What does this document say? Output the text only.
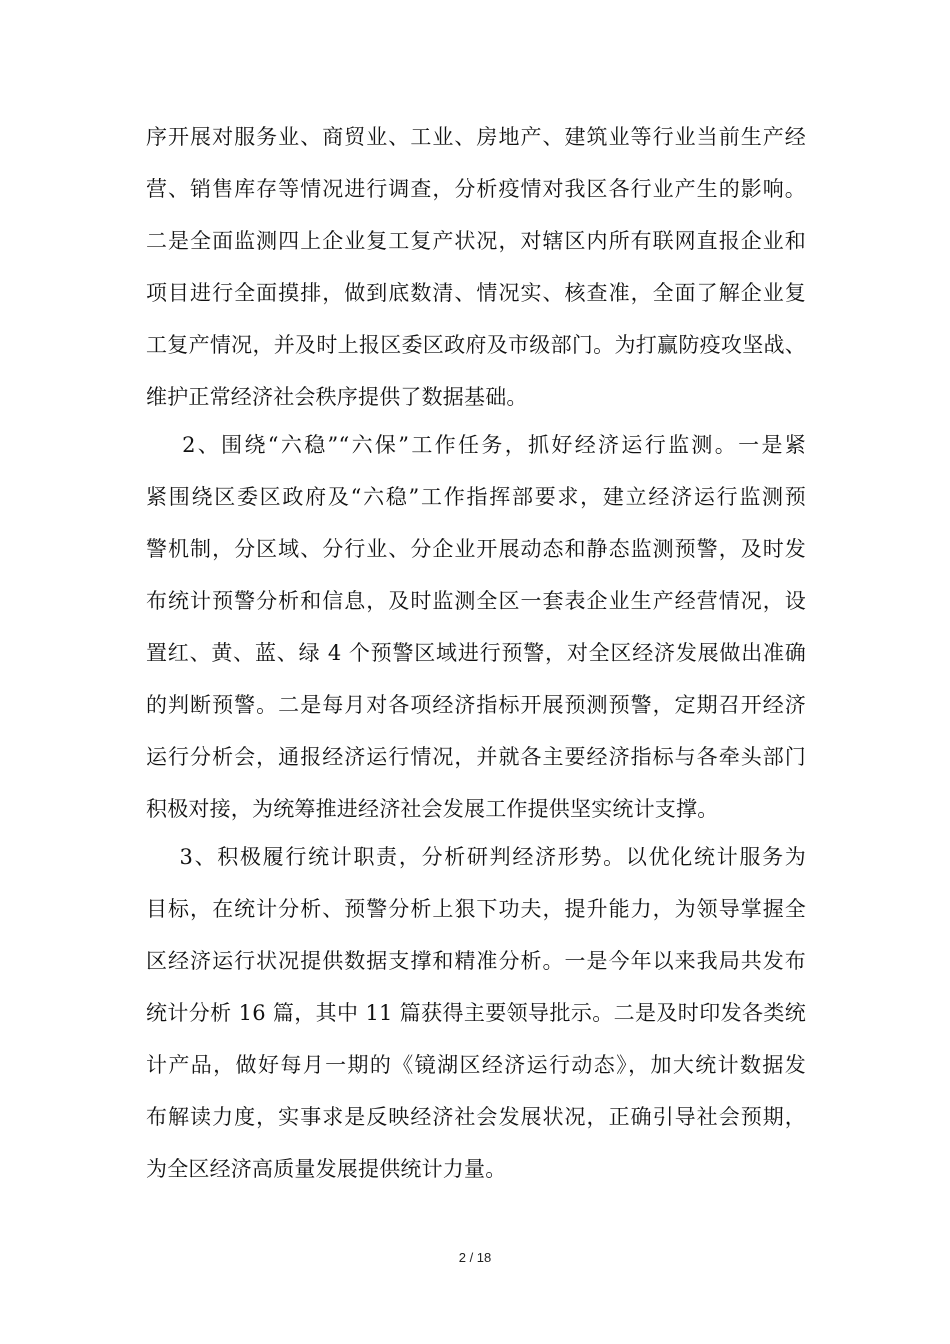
序开展对服务业、商贸业、工业、房地产、建筑业等行业当前生产经
营、销售库存等情况进行调查，分析疫情对我区各行业产生的影响。
二是全面监测四上企业复工复产状况，对辖区内所有联网直报企业和
项目进行全面摸排，做到底数清、情况实、核查准，全面了解企业复
工复产情况，并及时上报区委区政府及市级部门。为打赢防疫攻坚战、
维护正常经济社会秩序提供了数据基础。
2、围绕“六稳”“六保”工作任务，抓好经济运行监测。一是紧
紧围绕区委区政府及“六稳”工作指挥部要求，建立经济运行监测预
警机制，分区域、分行业、分企业开展动态和静态监测预警，及时发
布统计预警分析和信息，及时监测全区一套表企业生产经营情况，设
置红、黄、蓝、绿 4 个预警区域进行预警，对全区经济发展做出准确
的判断预警。二是每月对各项经济指标开展预测预警，定期召开经济
运行分析会，通报经济运行情况，并就各主要经济指标与各牵头部门
积极对接，为统筹推进经济社会发展工作提供坚实统计支撑。
3、积极履行统计职责，分析研判经济形势。以优化统计服务为
目标，在统计分析、预警分析上狠下功夫，提升能力，为领导掌握全
区经济运行状况提供数据支撑和精准分析。一是今年以来我局共发布
统计分析 16 篇，其中 11 篇获得主要领导批示。二是及时印发各类统
计产品，做好每月一期的《镜湖区经济运行动态》，加大统计数据发
布解读力度，实事求是反映经济社会发展状况，正确引导社会预期，
为全区经济高质量发展提供统计力量。
2 / 18
